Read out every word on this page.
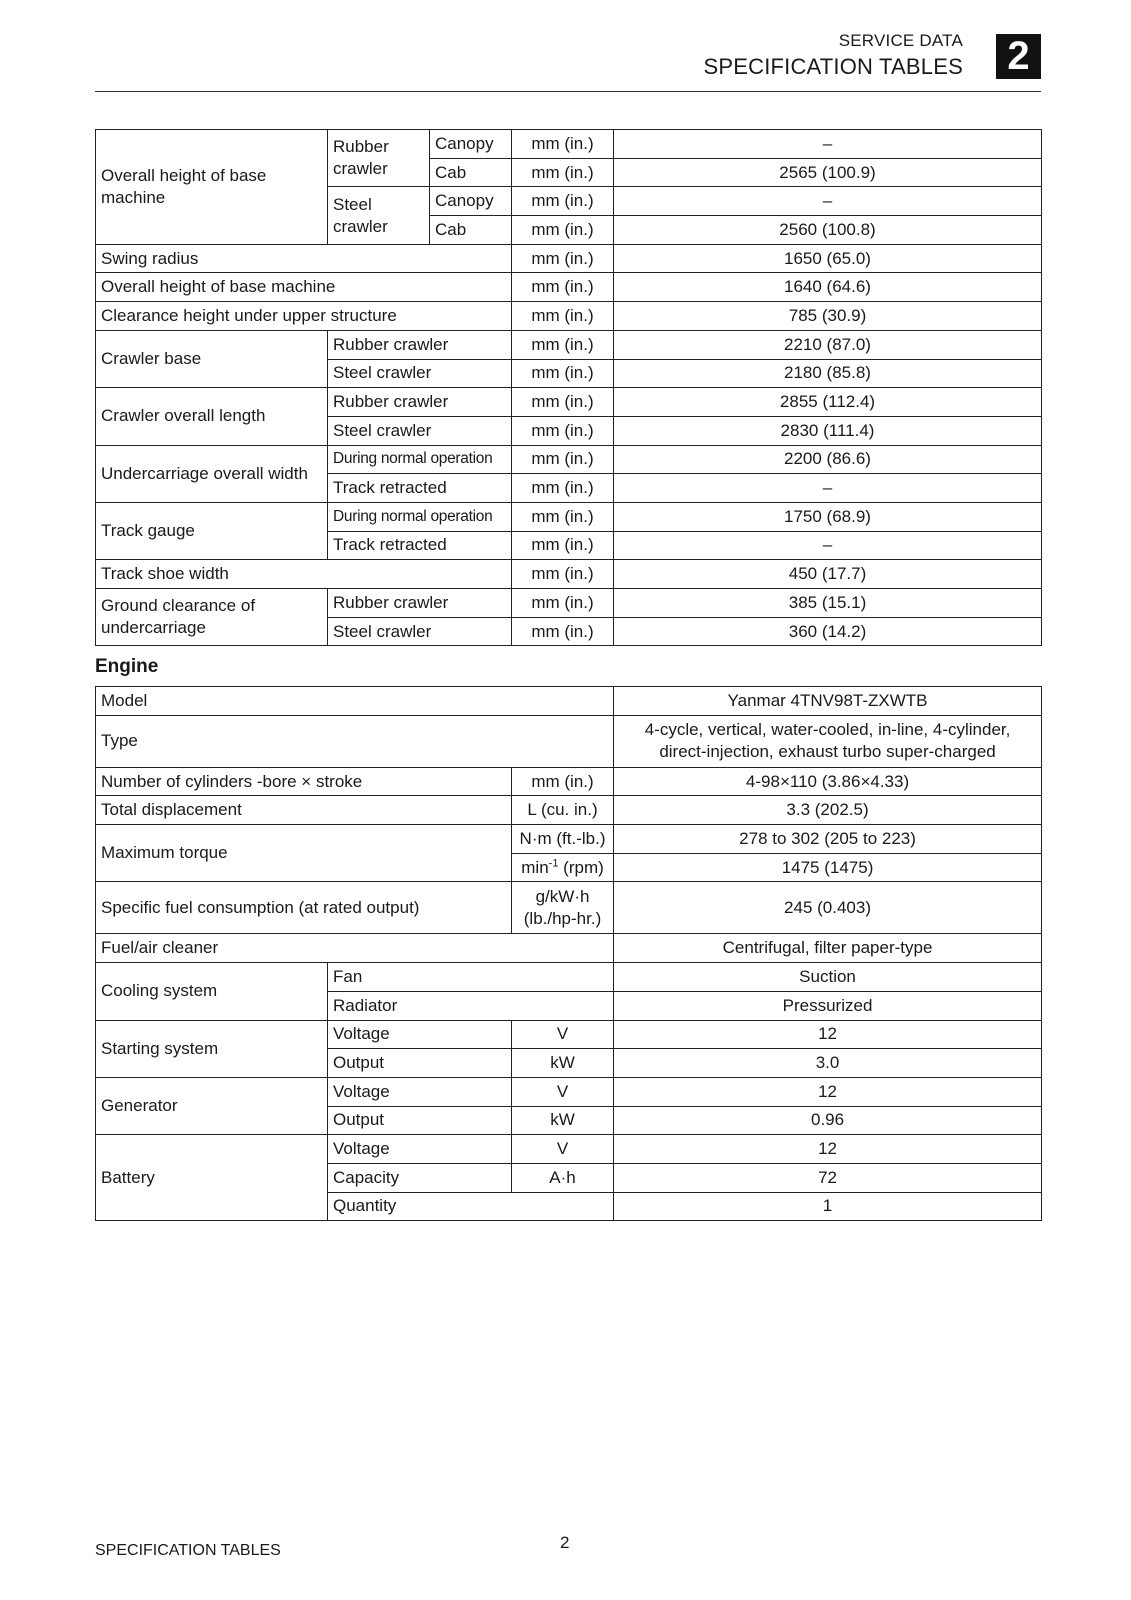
SERVICE DATA
SPECIFICATION TABLES 2
Overall height of base machine	Rubber crawler	Canopy	mm (in.)	–
		Cab	mm (in.)	2565 (100.9)
	Steel crawler	Canopy	mm (in.)	–
		Cab	mm (in.)	2560 (100.8)
Swing radius			mm (in.)	1650 (65.0)
Overall height of base machine			mm (in.)	1640 (64.6)
Clearance height under upper structure			mm (in.)	785 (30.9)
Crawler base	Rubber crawler		mm (in.)	2210 (87.0)
	Steel crawler		mm (in.)	2180 (85.8)
Crawler overall length	Rubber crawler		mm (in.)	2855 (112.4)
	Steel crawler		mm (in.)	2830 (111.4)
Undercarriage overall width	During normal operation		mm (in.)	2200 (86.6)
	Track retracted		mm (in.)	–
Track gauge	During normal operation		mm (in.)	1750 (68.9)
	Track retracted		mm (in.)	–
Track shoe width			mm (in.)	450 (17.7)
Ground clearance of undercarriage	Rubber crawler		mm (in.)	385 (15.1)
	Steel crawler		mm (in.)	360 (14.2)
Engine
Model			Yanmar 4TNV98T-ZXWTB
Type			4-cycle, vertical, water-cooled, in-line, 4-cylinder, direct-injection, exhaust turbo super-charged
Number of cylinders -bore × stroke		mm (in.)	4-98×110 (3.86×4.33)
Total displacement		L (cu. in.)	3.3 (202.5)
Maximum torque		N·m (ft.-lb.)	278 to 302 (205 to 223)
		$\min^{-1} (rpm)$	1475 (1475)
Specific fuel consumption (at rated output)		g/kW·h (lb./hp-hr.)	245 (0.403)
Fuel/air cleaner			Centrifugal, filter paper-type
Cooling system	Fan		Suction
	Radiator		Pressurized
Starting system	Voltage	V	12
	Output	kW	3.0
Generator	Voltage	V	12
	Output	kW	0.96
Battery	Voltage	V	12
	Capacity	A·h	72
	Quantity		1
2
SPECIFICATION TABLES
